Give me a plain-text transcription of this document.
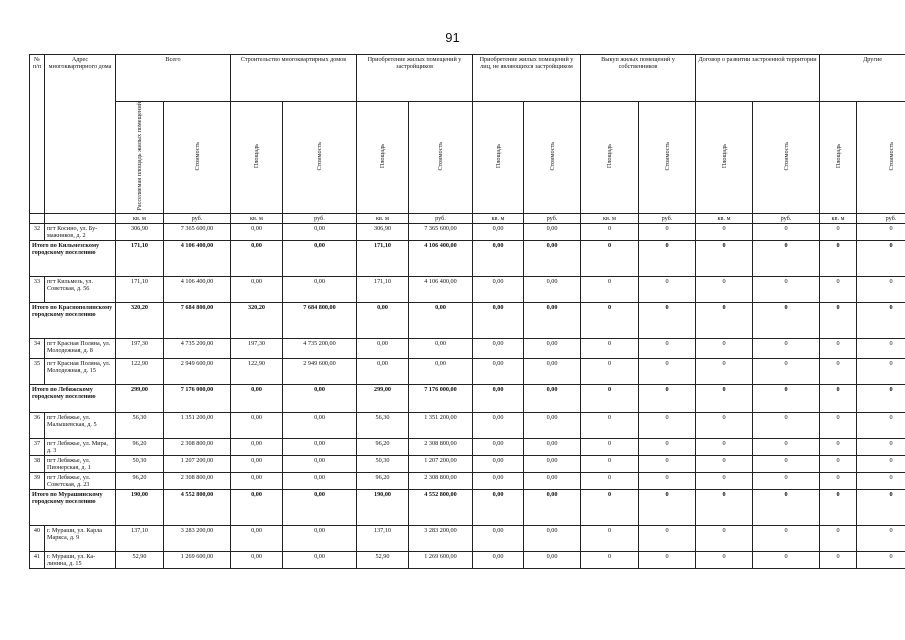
91
№ п/п	Адрес многоквартирного дома	Всего		Строительство многоквартирных домов		Приобретение жилых помещений у застройщиков		Приобретение жилых помещений у лиц, не являющихся застройщиком		Выкуп жилых помещений у собственников		Договор о развитии застроенной территории		Другие	
		Расселяемая площадь жилых помещений	Стоимость	Площадь	Стоимость	Площадь	Стоимость	Площадь	Стоимость	Площадь	Стоимость	Площадь	Стоимость	Площадь	Стоимость
		кв. м	руб.	кв. м	руб.	кв. м	руб.	кв. м	руб.	кв. м	руб.	кв. м	руб.	кв. м	руб.
32	пгт Косино, ул. Бу-мажников, д. 2	306,90	7 365 600,00	0,00	0,00	306,90	7 365 600,00	0,00	0,00	0	0	0	0	0	0
Итого по Кильмезскому городскому поселению		171,10	4 106 400,00	0,00	0,00	171,10	4 106 400,00	0,00	0,00	0	0	0	0	0	0
33	пгт Кильмезь, ул. Советская, д. 56	171,10	4 106 400,00	0,00	0,00	171,10	4 106 400,00	0,00	0,00	0	0	0	0	0	0
Итого по Краснополянскому городскому поселению		320,20	7 684 800,00	320,20	7 684 800,00	0,00	0,00	0,00	0,00	0	0	0	0	0	0
34	пгт Красная Поляна, ул. Молодежная, д. 8	197,30	4 735 200,00	197,30	4 735 200,00	0,00	0,00	0,00	0,00	0	0	0	0	0	0
35	пгт Красная Поляна, ул. Молодежная, д. 15	122,90	2 949 600,00	122,90	2 949 600,00	0,00	0,00	0,00	0,00	0	0	0	0	0	0
Итого по Лебяжскому городскому поселению		299,00	7 176 000,00	0,00	0,00	299,00	7 176 000,00	0,00	0,00	0	0	0	0	0	0
36	пгт Лебяжье, ул. Малышевская, д. 5	56,30	1 351 200,00	0,00	0,00	56,30	1 351 200,00	0,00	0,00	0	0	0	0	0	0
37	пгт Лебяжье, ул. Мира, д. 3	96,20	2 308 800,00	0,00	0,00	96,20	2 308 800,00	0,00	0,00	0	0	0	0	0	0
38	пгт Лебяжье, ул. Пионерская, д. 1	50,30	1 207 200,00	0,00	0,00	50,30	1 207 200,00	0,00	0,00	0	0	0	0	0	0
39	пгт Лебяжье, ул. Советская, д. 23	96,20	2 308 800,00	0,00	0,00	96,20	2 308 800,00	0,00	0,00	0	0	0	0	0	0
Итого по Мурашинскому городскому поселению		190,00	4 552 800,00	0,00	0,00	190,00	4 552 800,00	0,00	0,00	0	0	0	0	0	0
40	г. Мураши, ул. Карла Маркса, д. 9	137,10	3 283 200,00	0,00	0,00	137,10	3 283 200,00	0,00	0,00	0	0	0	0	0	0
41	г. Мураши, ул. Ка-линина, д. 15	52,90	1 269 600,00	0,00	0,00	52,90	1 269 600,00	0,00	0,00	0	0	0	0	0	0
